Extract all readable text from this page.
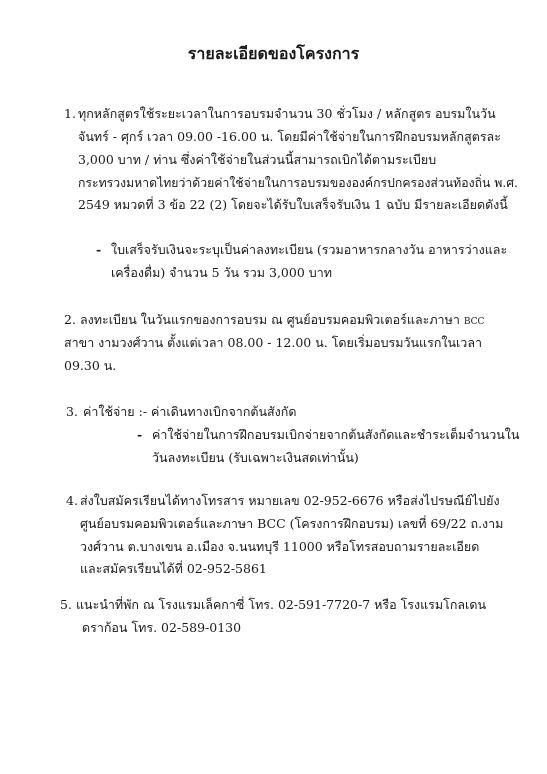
รายละเอียดของโครงการ
1. ทุกหลักสูตรใช้ระยะเวลาในการอบรมจำนวน 30 ชั่วโมง / หลักสูตร อบรมในวัน
จันทร์ - ศุกร์ เวลา 09.00 -16.00 น. โดยมีค่าใช้จ่ายในการฝึกอบรมหลักสูตรละ
3,000 บาท / ท่าน ซึ่งค่าใช้จ่ายในส่วนนี้สามารถเบิกได้ตามระเบียบ
กระทรวงมหาดไทยว่าด้วยค่าใช้จ่ายในการอบรมขององค์กรปกครองส่วนท้องถิ่น พ.ศ.
2549 หมวดที่ 3 ข้อ 22 (2) โดยจะได้รับใบเสร็จรับเงิน 1 ฉบับ มีรายละเอียดดังนี้
- ใบเสร็จรับเงินจะระบุเป็นค่าลงทะเบียน (รวมอาหารกลางวัน อาหารว่างและ
เครื่องดื่ม) จำนวน 5 วัน รวม 3,000 บาท
2. ลงทะเบียน ในวันแรกของการอบรม ณ ศูนย์อบรมคอมพิวเตอร์และภาษา BCC
สาขา งามวงศ์วาน ตั้งแต่เวลา 08.00 - 12.00 น. โดยเริ่มอบรมวันแรกในเวลา
09.30 น.
3. ค่าใช้จ่าย :- ค่าเดินทางเบิกจากต้นสังกัด
- ค่าใช้จ่ายในการฝึกอบรมเบิกจ่ายจากต้นสังกัดและชำระเต็มจำนวนใน
วันลงทะเบียน (รับเฉพาะเงินสดเท่านั้น)
4. ส่งใบสมัครเรียนได้ทางโทรสาร หมายเลข 02-952-6676 หรือส่งไปรษณีย์ไปยัง
ศูนย์อบรมคอมพิวเตอร์และภาษา BCC (โครงการฝึกอบรม) เลขที่ 69/22 ถ.งาม
วงศ์วาน ต.บางเขน อ.เมือง จ.นนทบุรี 11000 หรือโทรสอบถามรายละเอียด
และสมัครเรียนได้ที่ 02-952-5861
5. แนะนำที่พัก ณ โรงแรมเล็คกาซี่ โทร. 02-591-7720-7 หรือ โรงแรมโกลเดน
ดราก้อน โทร. 02-589-0130
